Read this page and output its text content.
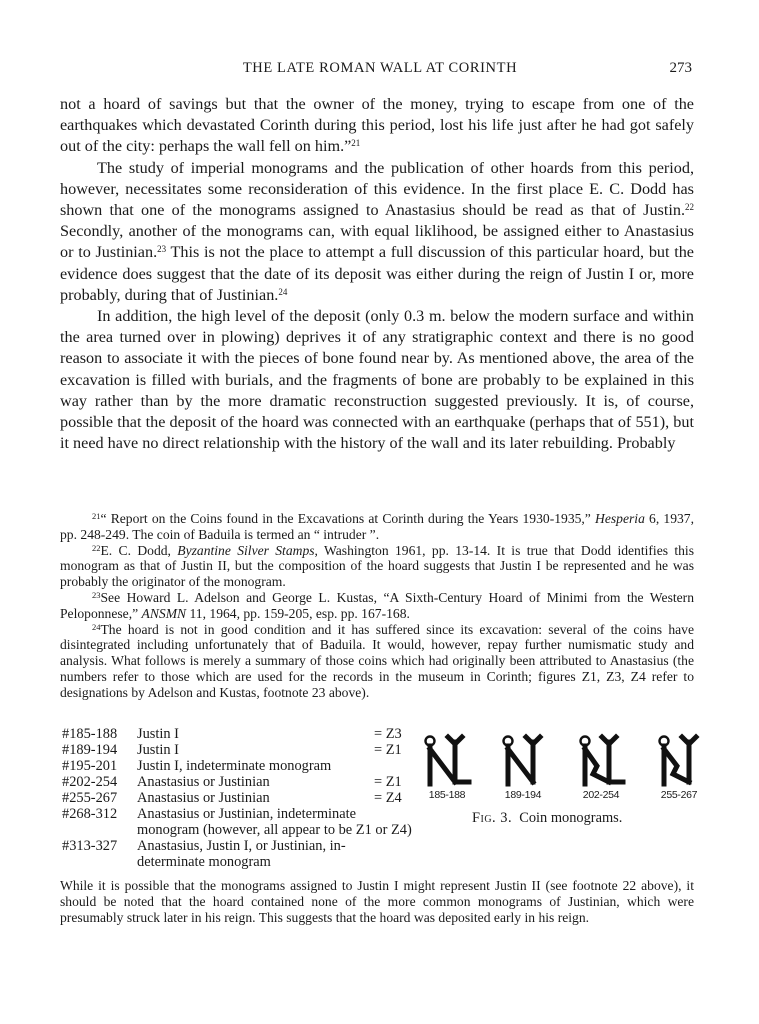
THE LATE ROMAN WALL AT CORINTH	273

not a hoard of savings but that the owner of the money, trying to escape from one of the earthquakes which devastated Corinth during this period, lost his life just after he had got safely out of the city: perhaps the wall fell on him.”$^{21}$

The study of imperial monograms and the publication of other hoards from this period, however, necessitates some reconsideration of this evidence. In the first place E. C. Dodd has shown that one of the monograms assigned to Anastasius should be read as that of Justin.$^{22}$ Secondly, another of the monograms can, with equal liklihood, be assigned either to Anastasius or to Justinian.$^{23}$ This is not the place to attempt a full discussion of this particular hoard, but the evidence does suggest that the date of its deposit was either during the reign of Justin I or, more probably, during that of Justinian.$^{24}$

In addition, the high level of the deposit (only 0.3 m. below the modern surface and within the area turned over in plowing) deprives it of any stratigraphic context and there is no good reason to associate it with the pieces of bone found near by. As mentioned above, the area of the excavation is filled with burials, and the fragments of bone are probably to be explained in this way rather than by the more dramatic reconstruction suggested previously. It is, of course, possible that the deposit of the hoard was connected with an earthquake (perhaps that of 551), but it need have no direct relationship with the history of the wall and its later rebuilding. Probably

$^{21}$“ Report on the Coins found in the Excavations at Corinth during the Years 1930-1935,” Hesperia 6, 1937, pp. 248-249. The coin of Baduila is termed an “ intruder ”.

$^{22}$E. C. Dodd, Byzantine Silver Stamps, Washington 1961, pp. 13-14. It is true that Dodd identifies this monogram as that of Justin II, but the composition of the hoard suggests that Justin I be represented and he was probably the originator of the monogram.

$^{23}$See Howard L. Adelson and George L. Kustas, “A Sixth-Century Hoard of Minimi from the Western Peloponnese,” ANSMN 11, 1964, pp. 159-205, esp. pp. 167-168.

$^{24}$The hoard is not in good condition and it has suffered since its excavation: several of the coins have disintegrated including unfortunately that of Baduila. It would, however, repay further numismatic study and analysis. What follows is merely a summary of those coins which had originally been attributed to Anastasius (the numbers refer to those which are used for the records in the museum in Corinth; figures Z1, Z3, Z4 refer to designations by Adelson and Kustas, footnote 23 above).

#185-188 Justin I	= Z3
#189-194 Justin I	= Z1
#195-201 Justin I, indeterminate monogram
#202-254 Anastasius or Justinian	= Z1
#255-267 Anastasius or Justinian	= Z4
#268-312 Anastasius or Justinian, indeterminate
monogram (however, all appear to be Z1 or Z4)
#313-327 Anastasius, Justin I, or Justinian, in-
determinate monogram
185-188	189-194	202-254	255-267
Fig. 3. Coin monograms.

While it is possible that the monograms assigned to Justin I might represent Justin II (see footnote 22 above), it should be noted that the hoard contained none of the more common monograms of Justinian, which were presumably struck later in his reign. This suggests that the hoard was deposited early in his reign.
